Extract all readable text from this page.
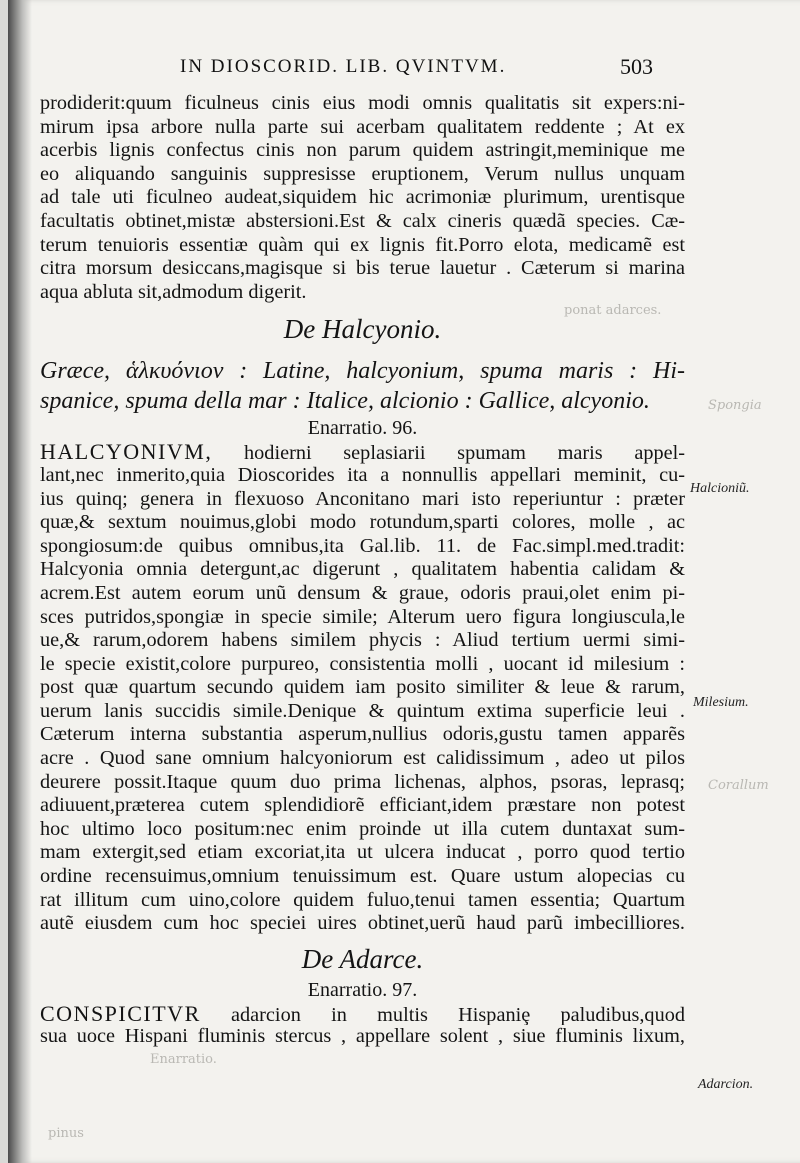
ponat adarces.
Spongia
Corallum
pinus
IN DIOSCORID. LIB. QVINTVM.	503
prodiderit:quum ficulneus cinis eius modi omnis qualitatis sit expers:ni-
mirum ipsa arbore nulla parte sui acerbam qualitatem reddente ; At ex
acerbis lignis confectus cinis non parum quidem astringit,meminique me
eo aliquando sanguinis suppresisse eruptionem, Verum nullus unquam
ad tale uti ficulneo audeat,siquidem hic acrimoniæ plurimum, urentisque
facultatis obtinet,mistæ abstersioni.Est & calx cineris quædã species. Cæ-
terum tenuioris essentiæ quàm qui ex lignis fit.Porro elota, medicamẽ est
citra morsum desiccans,magisque si bis terue lauetur . Cæterum si marina
aqua abluta sit,admodum digerit.
De Halcyonio.
Græce, ἁλκυόνιον : Latine, halcyonium, spuma maris : Hi-
spanice, spuma della mar : Italice, alcionio : Gallice, alcyonio.
Enarratio. 96.
HALCYONIVM, hodierni seplasiarii spumam maris appel-
lant,nec inmerito,quia Dioscorides ita a nonnullis appellari meminit, cu-
ius quinq; genera in flexuoso Anconitano mari isto reperiuntur : præter
quæ,& sextum nouimus,globi modo rotundum,sparti colores, molle , ac
spongiosum:de quibus omnibus,ita Gal.lib. 11. de Fac.simpl.med.tradit:
Halcyonia omnia detergunt,ac digerunt , qualitatem habentia calidam &
acrem.Est autem eorum unũ densum & graue, odoris praui,olet enim pi-
sces putridos,spongiæ in specie simile; Alterum uero figura longiuscula,le
ue,& rarum,odorem habens similem phycis : Aliud tertium uermi simi-
le specie existit,colore purpureo, consistentia molli , uocant id milesium :
post quæ quartum secundo quidem iam posito similiter & leue & rarum,
uerum lanis succidis simile.Denique & quintum extima superficie leui .
Cæterum interna substantia asperum,nullius odoris,gustu tamen apparẽs
acre . Quod sane omnium halcyoniorum est calidissimum , adeo ut pilos
deurere possit.Itaque quum duo prima lichenas, alphos, psoras, leprasq;
adiuuent,præterea cutem splendidiorẽ efficiant,idem præstare non potest
hoc ultimo loco positum:nec enim proinde ut illa cutem duntaxat sum-
mam extergit,sed etiam excoriat,ita ut ulcera inducat , porro quod tertio
ordine recensuimus,omnium tenuissimum est. Quare ustum alopecias cu
rat illitum cum uino,colore quidem fuluo,tenui tamen essentia; Quartum
autẽ eiusdem cum hoc speciei uires obtinet,uerũ haud parũ imbecilliores.
De Adarce.
Enarratio. 97.
CONSPICITVR adarcion in multis Hispaniȩ paludibus,quod
sua uoce Hispani fluminis stercus , appellare solent , siue fluminis lixum,
Halcioniũ.
Milesium.
Adarcion.
Enarratio.
